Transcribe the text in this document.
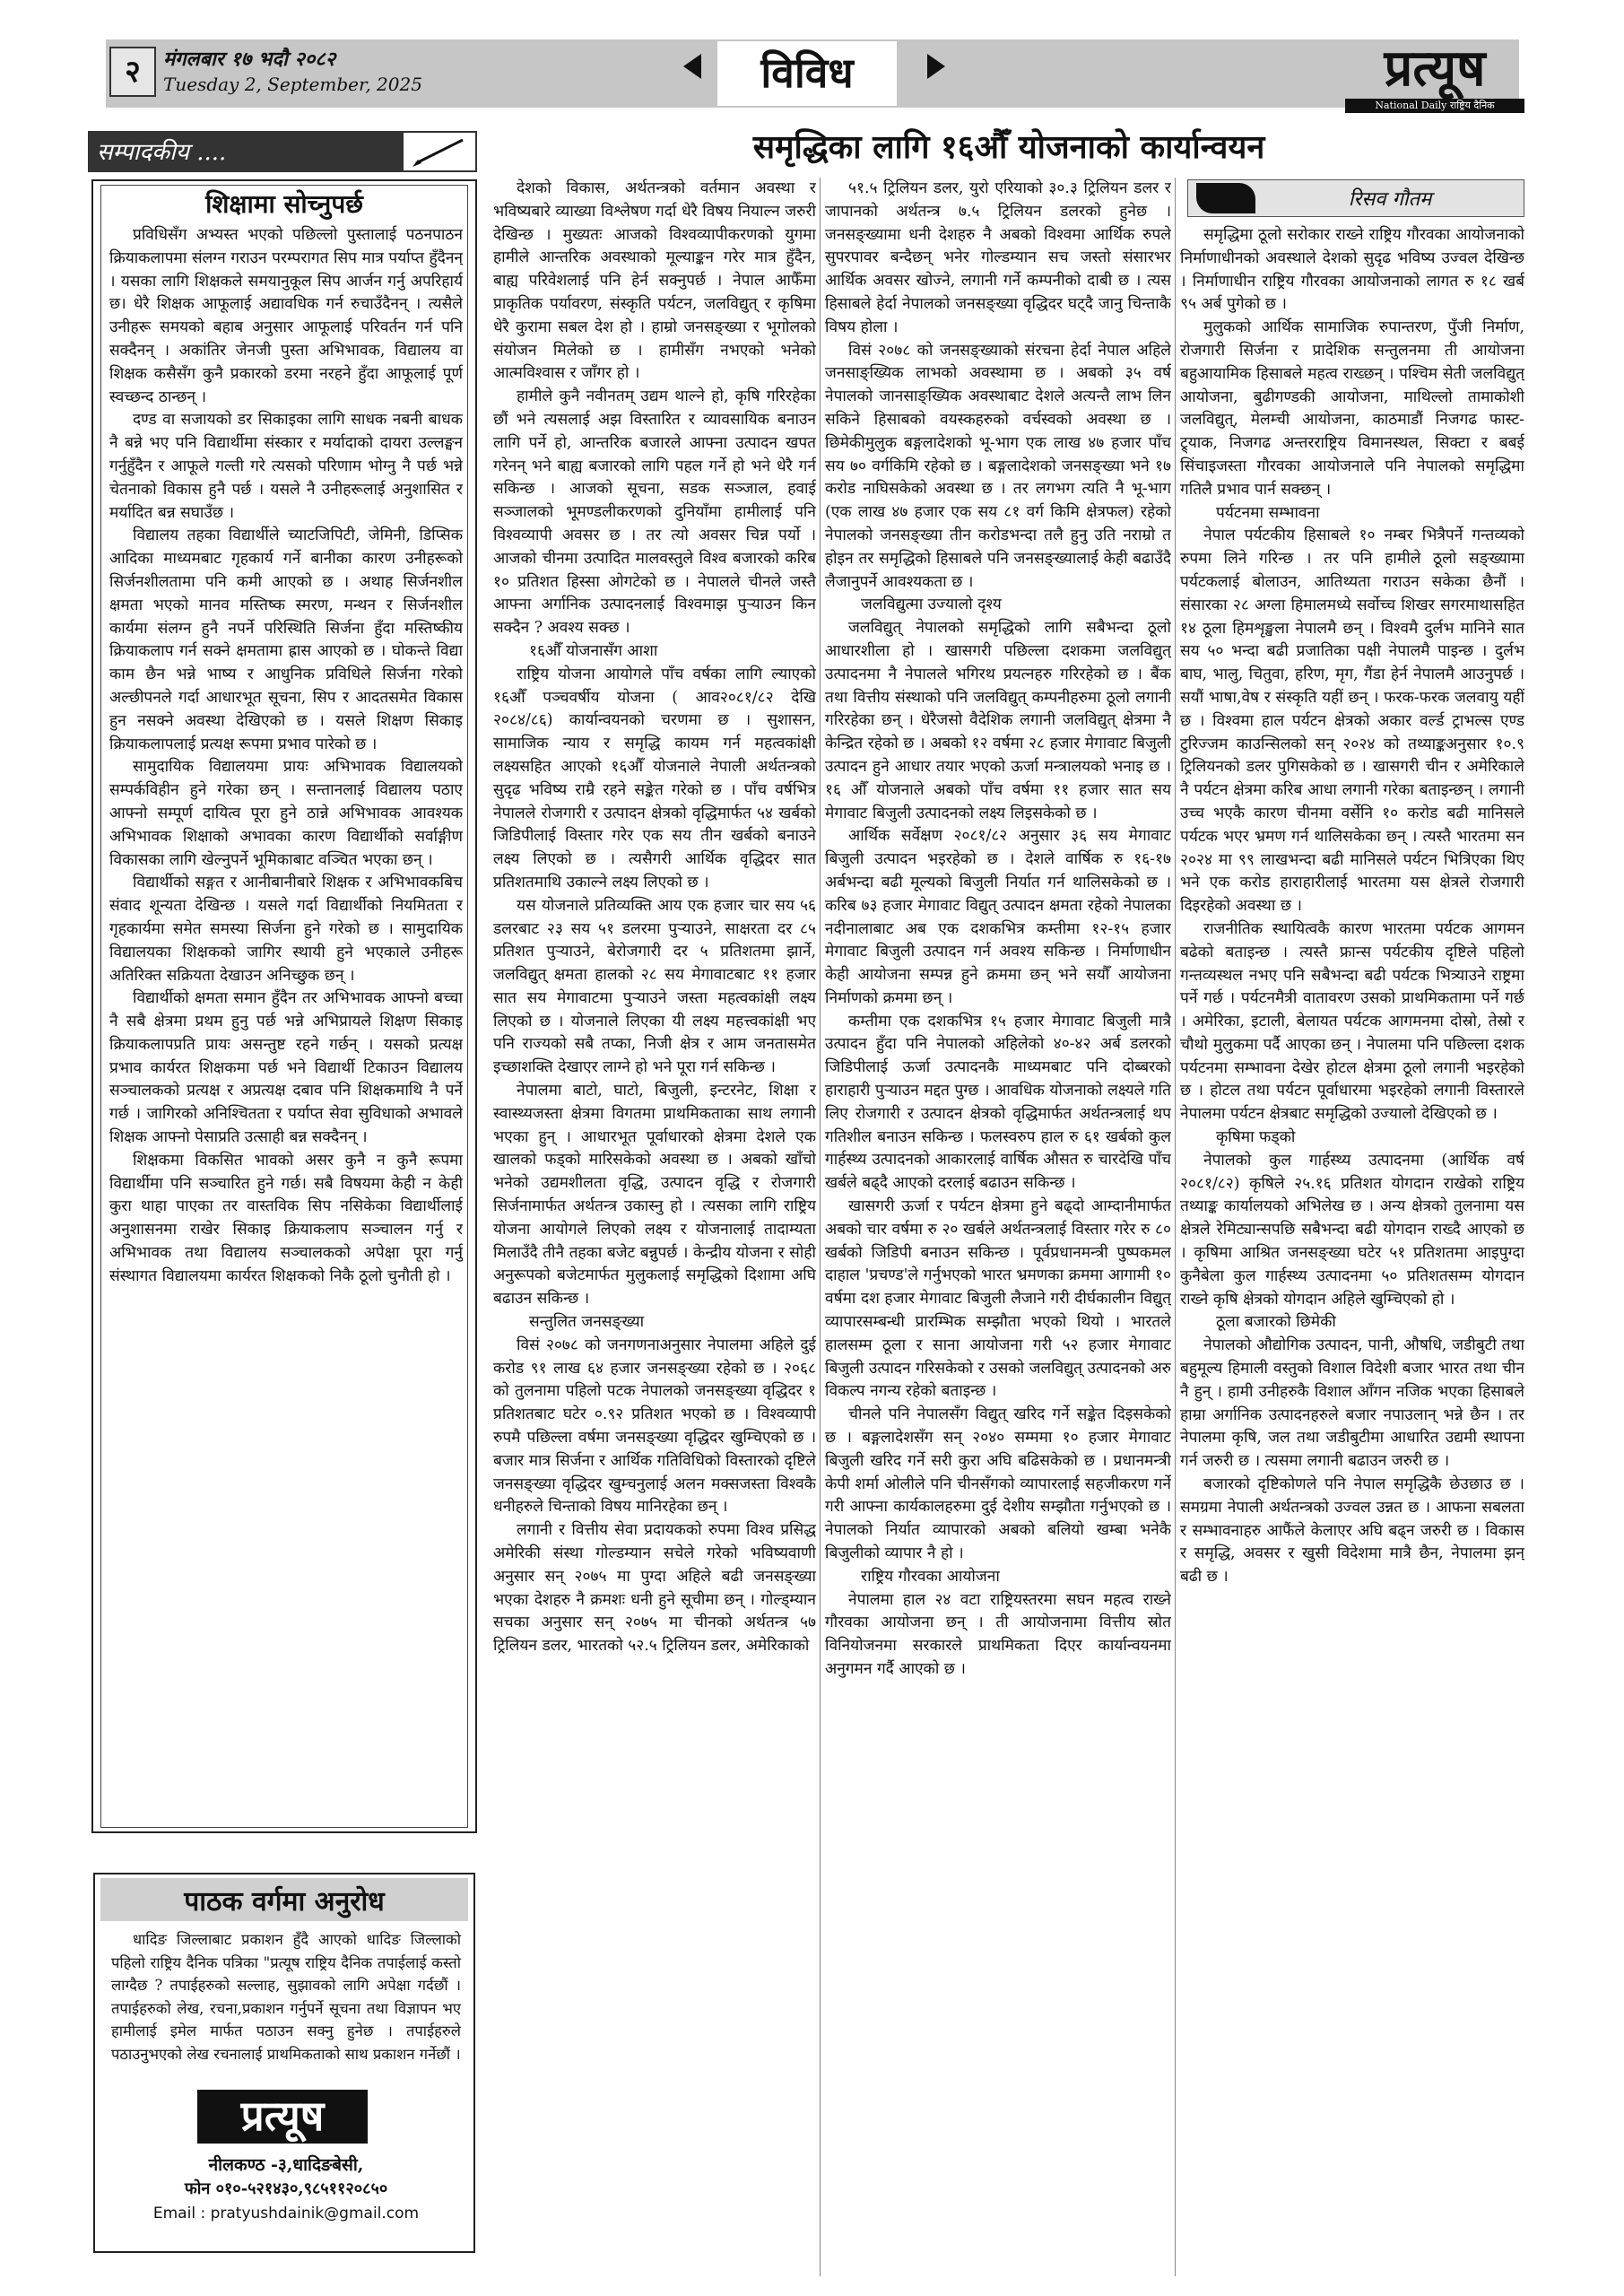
२	मंगलबार १७ भदौ २०८२
Tuesday 2, September, 2025	विविध	प्रत्यूष
National Daily राष्ट्रिय दैनिक
सम्पादकीय ....
शिक्षामा सोच्नुपर्छ

प्रविधिसँग अभ्यस्त भएको पछिल्लो पुस्तालाई पठनपाठन क्रियाकलापमा संलग्न गराउन परम्परागत सिप मात्र पर्याप्त हुँदैनन् । यसका लागि शिक्षकले समयानुकूल सिप आर्जन गर्नु अपरिहार्य छ। धेरै शिक्षक आफूलाई अद्यावधिक गर्न रुचाउँदैनन् । त्यसैले उनीहरू समयको बहाब अनुसार आफूलाई परिवर्तन गर्न पनि सक्दैनन् । अकांतिर जेनजी पुस्ता अभिभावक, विद्यालय वा शिक्षक कसैसँग कुनै प्रकारको डरमा नरहने हुँदा आफूलाई पूर्ण स्वच्छन्द ठान्छन् ।

दण्ड वा सजायको डर सिकाइका लागि साधक नबनी बाधक नै बन्ने भए पनि विद्यार्थीमा संस्कार र मर्यादाको दायरा उल्लङ्घन गर्नुहुँदैन र आफूले गल्ती गरे त्यसको परिणाम भोग्नु नै पर्छ भन्ने चेतनाको विकास हुनै पर्छ । यसले नै उनीहरूलाई अनुशासित र मर्यादित बन्न सघाउँछ ।

विद्यालय तहका विद्यार्थीले च्याटजिपिटी, जेमिनी, डिप्सिक आदिका माध्यमबाट गृहकार्य गर्ने बानीका कारण उनीहरूको सिर्जनशीलतामा पनि कमी आएको छ । अथाह सिर्जनशील क्षमता भएको मानव मस्तिष्क स्मरण, मन्थन र सिर्जनशील कार्यमा संलग्न हुनै नपर्ने परिस्थिति सिर्जना हुँदा मस्तिष्कीय क्रियाकलाप गर्न सक्ने क्षमतामा ह्रास आएको छ । घोकन्ते विद्या काम छैन भन्ने भाष्य र आधुनिक प्रविधिले सिर्जना गरेको अल्छीपनले गर्दा आधारभूत सूचना, सिप र आदतसमेत विकास हुन नसक्ने अवस्था देखिएको छ । यसले शिक्षण सिकाइ क्रियाकलापलाई प्रत्यक्ष रूपमा प्रभाव पारेको छ ।

सामुदायिक विद्यालयमा प्रायः अभिभावक विद्यालयको सम्पर्कविहीन हुने गरेका छन् । सन्तानलाई विद्यालय पठाए आफ्नो सम्पूर्ण दायित्व पूरा हुने ठान्ने अभिभावक आवश्यक अभिभावक शिक्षाको अभावका कारण विद्यार्थीको सर्वाङ्गीण विकासका लागि खेल्नुपर्ने भूमिकाबाट वञ्चित भएका छन् ।

विद्यार्थीको सङ्गत र आनीबानीबारे शिक्षक र अभिभावकबिच संवाद शून्यता देखिन्छ । यसले गर्दा विद्यार्थीको नियमितता र गृहकार्यमा समेत समस्या सिर्जना हुने गरेको छ । सामुदायिक विद्यालयका शिक्षकको जागिर स्थायी हुने भएकाले उनीहरू अतिरिक्त सक्रियता देखाउन अनिच्छुक छन् ।

विद्यार्थीको क्षमता समान हुँदैन तर अभिभावक आफ्नो बच्चा नै सबै क्षेत्रमा प्रथम हुनु पर्छ भन्ने अभिप्रायले शिक्षण सिकाइ क्रियाकलापप्रति प्रायः असन्तुष्ट रहने गर्छन् । यसको प्रत्यक्ष प्रभाव कार्यरत शिक्षकमा पर्छ भने विद्यार्थी टिकाउन विद्यालय सञ्चालकको प्रत्यक्ष र अप्रत्यक्ष दबाव पनि शिक्षकमाथि नै पर्ने गर्छ । जागिरको अनिश्चितता र पर्याप्त सेवा सुविधाको अभावले शिक्षक आफ्नो पेसाप्रति उत्साही बन्न सक्दैनन् ।

शिक्षकमा विकसित भावको असर कुनै न कुनै रूपमा विद्यार्थीमा पनि सञ्चारित हुने गर्छ। सबै विषयमा केही न केही कुरा थाहा पाएका तर वास्तविक सिप नसिकेका विद्यार्थीलाई अनुशासनमा राखेर सिकाइ क्रियाकलाप सञ्चालन गर्नु र अभिभावक तथा विद्यालय सञ्चालकको अपेक्षा पूरा गर्नु संस्थागत विद्यालयमा कार्यरत शिक्षकको निकै ठूलो चुनौती हो ।

पाठक वर्गमा अनुरोध

धादिङ जिल्लाबाट प्रकाशन हुँदै आएको धादिङ जिल्लाको पहिलो राष्ट्रिय दैनिक पत्रिका "प्रत्यूष राष्ट्रिय दैनिक तपाईलाई कस्तो लाग्दैछ ? तपाईहरुको सल्लाह, सुझावको लागि अपेक्षा गर्दछौं । तपाईहरुको लेख, रचना,प्रकाशन गर्नुपर्ने सूचना तथा विज्ञापन भए हामीलाई इमेल मार्फत पठाउन सक्नु हुनेछ । तपाईहरुले पठाउनुभएको लेख रचनालाई प्राथमिकताको साथ प्रकाशन गर्नेछौं ।

प्रत्यूष
नीलकण्ठ -३,धादिङबेसी,
फोन ०१०-५२१४३०,९८५११२०८५०
Email : pratyushdainik@gmail.com
समृद्धिका लागि १६औँ योजनाको कार्यान्वयन
रिसव गौतम

देशको विकास, अर्थतन्त्रको वर्तमान अवस्था र भविष्यबारे व्याख्या विश्लेषण गर्दा धेरै विषय नियाल्न जरुरी देखिन्छ । मुख्यतः आजको विश्वव्यापीकरणको युगमा हामीले आन्तरिक अवस्थाको मूल्याङ्कन गरेर मात्र हुँदैन, बाह्य परिवेशलाई पनि हेर्न सक्नुपर्छ । नेपाल आफैँमा प्राकृतिक पर्यावरण, संस्कृति पर्यटन, जलविद्युत् र कृषिमा धेरै कुरामा सबल देश हो । हाम्रो जनसङ्ख्या र भूगोलको संयोजन मिलेको छ । हामीसँग नभएको भनेको आत्मविश्वास र जाँगर हो ।

हामीले कुनै नवीनतम् उद्यम थाल्ने हो, कृषि गरिरहेका छौं भने त्यसलाई अझ विस्तारित र व्यावसायिक बनाउन लागि पर्ने हो, आन्तरिक बजारले आफ्ना उत्पादन खपत गरेनन् भने बाह्य बजारको लागि पहल गर्ने हो भने धेरै गर्न सकिन्छ । आजको सूचना, सडक सञ्जाल, हवाई सञ्जालको भूमण्डलीकरणको दुनियाँमा हामीलाई पनि विश्वव्यापी अवसर छ । तर त्यो अवसर चिन्न पर्यो । आजको चीनमा उत्पादित मालवस्तुले विश्व बजारको करिब १० प्रतिशत हिस्सा ओगटेको छ । नेपालले चीनले जस्तै आफ्ना अर्गानिक उत्पादनलाई विश्वमाझ पुऱ्याउन किन सक्दैन ? अवश्य सक्छ ।

१६औँ योजनासँग आशा

राष्ट्रिय योजना आयोगले पाँच वर्षका लागि ल्याएको १६औँ पञ्चवर्षीय योजना ( आव२०८१/८२ देखि २०८४/८६) कार्यान्वयनको चरणमा छ । सुशासन, सामाजिक न्याय र समृद्धि कायम गर्न महत्वकांक्षी लक्ष्यसहित आएको १६औँ योजनाले नेपाली अर्थतन्त्रको सुदृढ भविष्य राम्रै रहने सङ्केत गरेको छ । पाँच वर्षभित्र नेपालले रोजगारी र उत्पादन क्षेत्रको वृद्धिमार्फत ५४ खर्बको जिडिपीलाई विस्तार गरेर एक सय तीन खर्बको बनाउने लक्ष्य लिएको छ । त्यसैगरी आर्थिक वृद्धिदर सात प्रतिशतमाथि उकाल्ने लक्ष्य लिएको छ ।

यस योजनाले प्रतिव्यक्ति आय एक हजार चार सय ५६ डलरबाट २३ सय ५१ डलरमा पुऱ्याउने, साक्षरता दर ८५ प्रतिशत पुऱ्याउने, बेरोजगारी दर ५ प्रतिशतमा झार्ने, जलविद्युत् क्षमता हालको २८ सय मेगावाटबाट ११ हजार सात सय मेगावाटमा पुऱ्याउने जस्ता महत्वकांक्षी लक्ष्य लिएको छ । योजनाले लिएका यी लक्ष्य महत्त्वकांक्षी भए पनि राज्यको सबै तप्का, निजी क्षेत्र र आम जनतासमेत इच्छाशक्ति देखाएर लाग्ने हो भने पूरा गर्न सकिन्छ ।

नेपालमा बाटो, घाटो, बिजुली, इन्टरनेट, शिक्षा र स्वास्थ्यजस्ता क्षेत्रमा विगतमा प्राथमिकताका साथ लगानी भएका हुन् । आधारभूत पूर्वाधारको क्षेत्रमा देशले एक खालको फड्को मारिसकेको अवस्था छ । अबको खाँचो भनेको उद्यमशीलता वृद्धि, उत्पादन वृद्धि र रोजगारी सिर्जनामार्फत अर्थतन्त्र उकास्नु हो । त्यसका लागि राष्ट्रिय योजना आयोगले लिएको लक्ष्य र योजनालाई तादाम्यता मिलाउँदै तीनै तहका बजेट बन्नुपर्छ । केन्द्रीय योजना र सोही अनुरूपको बजेटमार्फत मुलुकलाई समृद्धिको दिशामा अघि बढाउन सकिन्छ ।

सन्तुलित जनसङ्ख्या

विसं २०७८ को जनगणनाअनुसार नेपालमा अहिले दुई करोड ९१ लाख ६४ हजार जनसङ्ख्या रहेको छ । २०६८ को तुलनामा पहिलो पटक नेपालको जनसङ्ख्या वृद्धिदर १ प्रतिशतबाट घटेर ०.९२ प्रतिशत भएको छ । विश्वव्यापी रुपमै पछिल्ला वर्षमा जनसङ्ख्या वृद्धिदर खुम्चिएको छ । बजार मात्र सिर्जना र आर्थिक गतिविधिको विस्तारको दृष्टिले जनसङ्ख्या वृद्धिदर खुम्चनुलाई अलन मक्सजस्ता विश्वकै धनीहरुले चिन्ताको विषय मानिरहेका छन् ।

लगानी र वित्तीय सेवा प्रदायकको रुपमा विश्व प्रसिद्ध अमेरिकी संस्था गोल्डम्यान सचेले गरेको भविष्यवाणी अनुसार सन् २०७५ मा पुग्दा अहिले बढी जनसङ्ख्या भएका देशहरु नै क्रमशः धनी हुने सूचीमा छन् । गोल्ड्म्यान सचका अनुसार सन् २०७५ मा चीनको अर्थतन्त्र ५७ ट्रिलियन डलर, भारतको ५२.५ ट्रिलियन डलर, अमेरिकाको

५१.५ ट्रिलियन डलर, युरो एरियाको ३०.३ ट्रिलियन डलर र जापानको अर्थतन्त्र ७.५ ट्रिलियन डलरको हुनेछ । जनसङ्ख्यामा धनी देशहरु नै अबको विश्वमा आर्थिक रुपले सुपरपावर बन्दैछन् भनेर गोल्डम्यान सच जस्तो संसारभर आर्थिक अवसर खोज्ने, लगानी गर्ने कम्पनीको दाबी छ । त्यस हिसाबले हेर्दा नेपालको जनसङ्ख्या वृद्धिदर घट्दै जानु चिन्ताकै विषय होला ।

विसं २०७८ को जनसङ्ख्याको संरचना हेर्दा नेपाल अहिले जनसाङ्ख्यिक लाभको अवस्थामा छ । अबको ३५ वर्ष नेपालको जानसाङ्ख्यिक अवस्थाबाट देशले अत्यन्तै लाभ लिन सकिने हिसाबको वयस्कहरुको वर्चस्वको अवस्था छ । छिमेकीमुलुक बङ्गलादेशको भू-भाग एक लाख ४७ हजार पाँच सय ७० वर्गकिमि रहेको छ । बङ्गलादेशको जनसङ्ख्या भने १७ करोड नाघिसकेको अवस्था छ । तर लगभग त्यति नै भू-भाग (एक लाख ४७ हजार एक सय ८१ वर्ग किमि क्षेत्रफल) रहेको नेपालको जनसङ्ख्या तीन करोडभन्दा तलै हुनु उति नराम्रो त होइन तर समृद्धिको हिसाबले पनि जनसङ्ख्यालाई केही बढाउँदै लैजानुपर्ने आवश्यकता छ ।

जलविद्युत्मा उज्यालो दृश्य

जलविद्युत् नेपालको समृद्धिको लागि सबैभन्दा ठूलो आधारशीला हो । खासगरी पछिल्ला दशकमा जलविद्युत् उत्पादनमा नै नेपालले भगिरथ प्रयत्नहरु गरिरहेको छ । बैंक तथा वित्तीय संस्थाको पनि जलविद्युत् कम्पनीहरुमा ठूलो लगानी गरिरहेका छन् । धेरैजसो वैदेशिक लगानी जलविद्युत् क्षेत्रमा नै केन्द्रित रहेको छ । अबको १२ वर्षमा २८ हजार मेगावाट बिजुली उत्पादन हुने आधार तयार भएको ऊर्जा मन्त्रालयको भनाइ छ । १६ औँ योजनाले अबको पाँच वर्षमा ११ हजार सात सय मेगावाट बिजुली उत्पादनको लक्ष्य लिइसकेको छ ।

आर्थिक सर्वेक्षण २०८१/८२ अनुसार ३६ सय मेगावाट बिजुली उत्पादन भइरहेको छ । देशले वार्षिक रु १६-१७ अर्बभन्दा बढी मूल्यको बिजुली निर्यात गर्न थालिसकेको छ । करिब ७३ हजार मेगावाट विद्युत् उत्पादन क्षमता रहेको नेपालका नदीनालाबाट अब एक दशकभित्र कम्तीमा १२-१५ हजार मेगावाट बिजुली उत्पादन गर्न अवश्य सकिन्छ । निर्माणाधीन केही आयोजना सम्पन्न हुने क्रममा छन् भने सयौँ आयोजना निर्माणको क्रममा छन् ।

कम्तीमा एक दशकभित्र १५ हजार मेगावाट बिजुली मात्रै उत्पादन हुँदा पनि नेपालको अहिलेको ४०-४२ अर्ब डलरको जिडिपीलाई ऊर्जा उत्पादनकै माध्यमबाट पनि दोब्बरको हाराहारी पुऱ्याउन मद्दत पुग्छ । आवधिक योजनाको लक्ष्यले गति लिए रोजगारी र उत्पादन क्षेत्रको वृद्धिमार्फत अर्थतन्त्रलाई थप गतिशील बनाउन सकिन्छ । फलस्वरुप हाल रु ६१ खर्बको कुल गार्हस्थ्य उत्पादनको आकारलाई वार्षिक औसत रु चारदेखि पाँच खर्बले बढ्दै आएको दरलाई बढाउन सकिन्छ ।

खासगरी ऊर्जा र पर्यटन क्षेत्रमा हुने बढ्दो आम्दानीमार्फत अबको चार वर्षमा रु २० खर्बले अर्थतन्त्रलाई विस्तार गरेर रु ८० खर्बको जिडिपी बनाउन सकिन्छ । पूर्वप्रधानमन्त्री पुष्पकमल दाहाल 'प्रचण्ड'ले गर्नुभएको भारत भ्रमणका क्रममा आगामी १० वर्षमा दश हजार मेगावाट बिजुली लैजाने गरी दीर्घकालीन विद्युत् व्यापारसम्बन्धी प्रारम्भिक सम्झौता भएको थियो । भारतले हालसम्म ठूला र साना आयोजना गरी ५२ हजार मेगावाट बिजुली उत्पादन गरिसकेको र उसको जलविद्युत् उत्पादनको अरु विकल्प नगन्य रहेको बताइन्छ ।

चीनले पनि नेपालसँग विद्युत् खरिद गर्ने सङ्केत दिइसकेको छ । बङ्गलादेशसँग सन् २०४० सम्ममा १० हजार मेगावाट बिजुली खरिद गर्ने सरी कुरा अघि बढिसकेको छ । प्रधानमन्त्री केपी शर्मा ओलीले पनि चीनसँगको व्यापारलाई सहजीकरण गर्ने गरी आफ्ना कार्यकालहरुमा दुई देशीय सम्झौता गर्नुभएको छ । नेपालको निर्यात व्यापारको अबको बलियो खम्बा भनेकै बिजुलीको व्यापार नै हो ।

राष्ट्रिय गौरवका आयोजना

नेपालमा हाल २४ वटा राष्ट्रियस्तरमा सघन महत्व राख्ने गौरवका आयोजना छन् । ती आयोजनामा वित्तीय स्रोत विनियोजनमा सरकारले प्राथमिकता दिएर कार्यान्वयनमा अनुगमन गर्दै आएको छ ।

समृद्धिमा ठूलो सरोकार राख्ने राष्ट्रिय गौरवका आयोजनाको निर्माणाधीनको अवस्थाले देशको सुदृढ भविष्य उज्वल देखिन्छ । निर्माणाधीन राष्ट्रिय गौरवका आयोजनाको लागत रु १८ खर्ब ९५ अर्ब पुगेको छ ।

मुलुकको आर्थिक सामाजिक रुपान्तरण, पुँजी निर्माण, रोजगारी सिर्जना र प्रादेशिक सन्तुलनमा ती आयोजना बहुआयामिक हिसाबले महत्व राख्छन् । पश्चिम सेती जलविद्युत् आयोजना, बुढीगण्डकी आयोजना, माथिल्लो तामाकोशी जलविद्युत्, मेलम्ची आयोजना, काठमाडौं निजगढ फास्ट-ट्र्याक, निजगढ अन्तरराष्ट्रिय विमानस्थल, सिक्टा र बबई सिंचाइजस्ता गौरवका आयोजनाले पनि नेपालको समृद्धिमा गतिलै प्रभाव पार्न सक्छन् ।

पर्यटनमा सम्भावना

नेपाल पर्यटकीय हिसाबले १० नम्बर भित्रैपर्ने गन्तव्यको रुपमा लिने गरिन्छ । तर पनि हामीले ठूलो सङ्ख्यामा पर्यटकलाई बोलाउन, आतिथ्यता गराउन सकेका छैनौं । संसारका २८ अग्ला हिमालमध्ये सर्वोच्च शिखर सगरमाथासहित १४ ठूला हिमशृङ्खला नेपालमै छन् । विश्वमै दुर्लभ मानिने सात सय ५० भन्दा बढी प्रजातिका पक्षी नेपालमै पाइन्छ । दुर्लभ बाघ, भालु, चितुवा, हरिण, मृग, गैंडा हेर्न नेपालमै आउनुपर्छ । सयौं भाषा,वेष र संस्कृति यहीं छन् । फरक-फरक जलवायु यहीं छ । विश्वमा हाल पर्यटन क्षेत्रको अकार वर्ल्ड ट्राभल्स एण्ड टुरिज्जम काउन्सिलको सन् २०२४ को तथ्याङ्कअनुसार १०.९ ट्रिलियनको डलर पुगिसकेको छ । खासगरी चीन र अमेरिकाले नै पर्यटन क्षेत्रमा करिब आधा लगानी गरेका बताइन्छन् । लगानी उच्च भएकै कारण चीनमा वर्सेनि १० करोड बढी मानिसले पर्यटक भएर भ्रमण गर्न थालिसकेका छन् । त्यस्तै भारतमा सन २०२४ मा ९९ लाखभन्दा बढी मानिसले पर्यटन भित्रिएका थिए भने एक करोड हाराहारीलाई भारतमा यस क्षेत्रले रोजगारी दिइरहेको अवस्था छ ।

राजनीतिक स्थायित्वकै कारण भारतमा पर्यटक आगमन बढेको बताइन्छ । त्यस्तै फ्रान्स पर्यटकीय दृष्टिले पहिलो गन्तव्यस्थल नभए पनि सबैभन्दा बढी पर्यटक भित्र्याउने राष्ट्रमा पर्ने गर्छ । पर्यटनमैत्री वातावरण उसको प्राथमिकतामा पर्ने गर्छ । अमेरिका, इटाली, बेलायत पर्यटक आगमनमा दोस्रो, तेस्रो र चौथो मुलुकमा पर्दै आएका छन् । नेपालमा पनि पछिल्ला दशक पर्यटनमा सम्भावना देखेर होटल क्षेत्रमा ठूलो लगानी भइरहेको छ । होटल तथा पर्यटन पूर्वाधारमा भइरहेको लगानी विस्तारले नेपालमा पर्यटन क्षेत्रबाट समृद्धिको उज्यालो देखिएको छ ।

कृषिमा फड्को

नेपालको कुल गार्हस्थ्य उत्पादनमा (आर्थिक वर्ष २०८१/८२) कृषिले २५.१६ प्रतिशत योगदान राखेको राष्ट्रिय तथ्याङ्क कार्यालयको अभिलेख छ । अन्य क्षेत्रको तुलनामा यस क्षेत्रले रेमिट्यान्सपछि सबैभन्दा बढी योगदान राख्दै आएको छ । कृषिमा आश्रित जनसङ्ख्या घटेर ५१ प्रतिशतमा आइपुग्दा कुनैबेला कुल गार्हस्थ्य उत्पादनमा ५० प्रतिशतसम्म योगदान राख्ने कृषि क्षेत्रको योगदान अहिले खुम्चिएको हो ।

ठूला बजारको छिमेकी

नेपालको औद्योगिक उत्पादन, पानी, औषधि, जडीबुटी तथा बहुमूल्य हिमाली वस्तुको विशाल विदेशी बजार भारत तथा चीन नै हुन् । हामी उनीहरुकै विशाल आँगन नजिक भएका हिसाबले हाम्रा अर्गानिक उत्पादनहरुले बजार नपाउलान् भन्ने छैन । तर नेपालमा कृषि, जल तथा जडीबुटीमा आधारित उद्यमी स्थापना गर्न जरुरी छ । त्यसमा लगानी बढाउन जरुरी छ ।

बजारको दृष्टिकोणले पनि नेपाल समृद्धिकै छेउछाउ छ । समग्रमा नेपाली अर्थतन्त्रको उज्वल उन्नत छ । आफना सबलता र सम्भावनाहरु आफैंले केलाएर अघि बढ्न जरुरी छ । विकास र समृद्धि, अवसर र खुसी विदेशमा मात्रै छैन, नेपालमा झन् बढी छ ।
